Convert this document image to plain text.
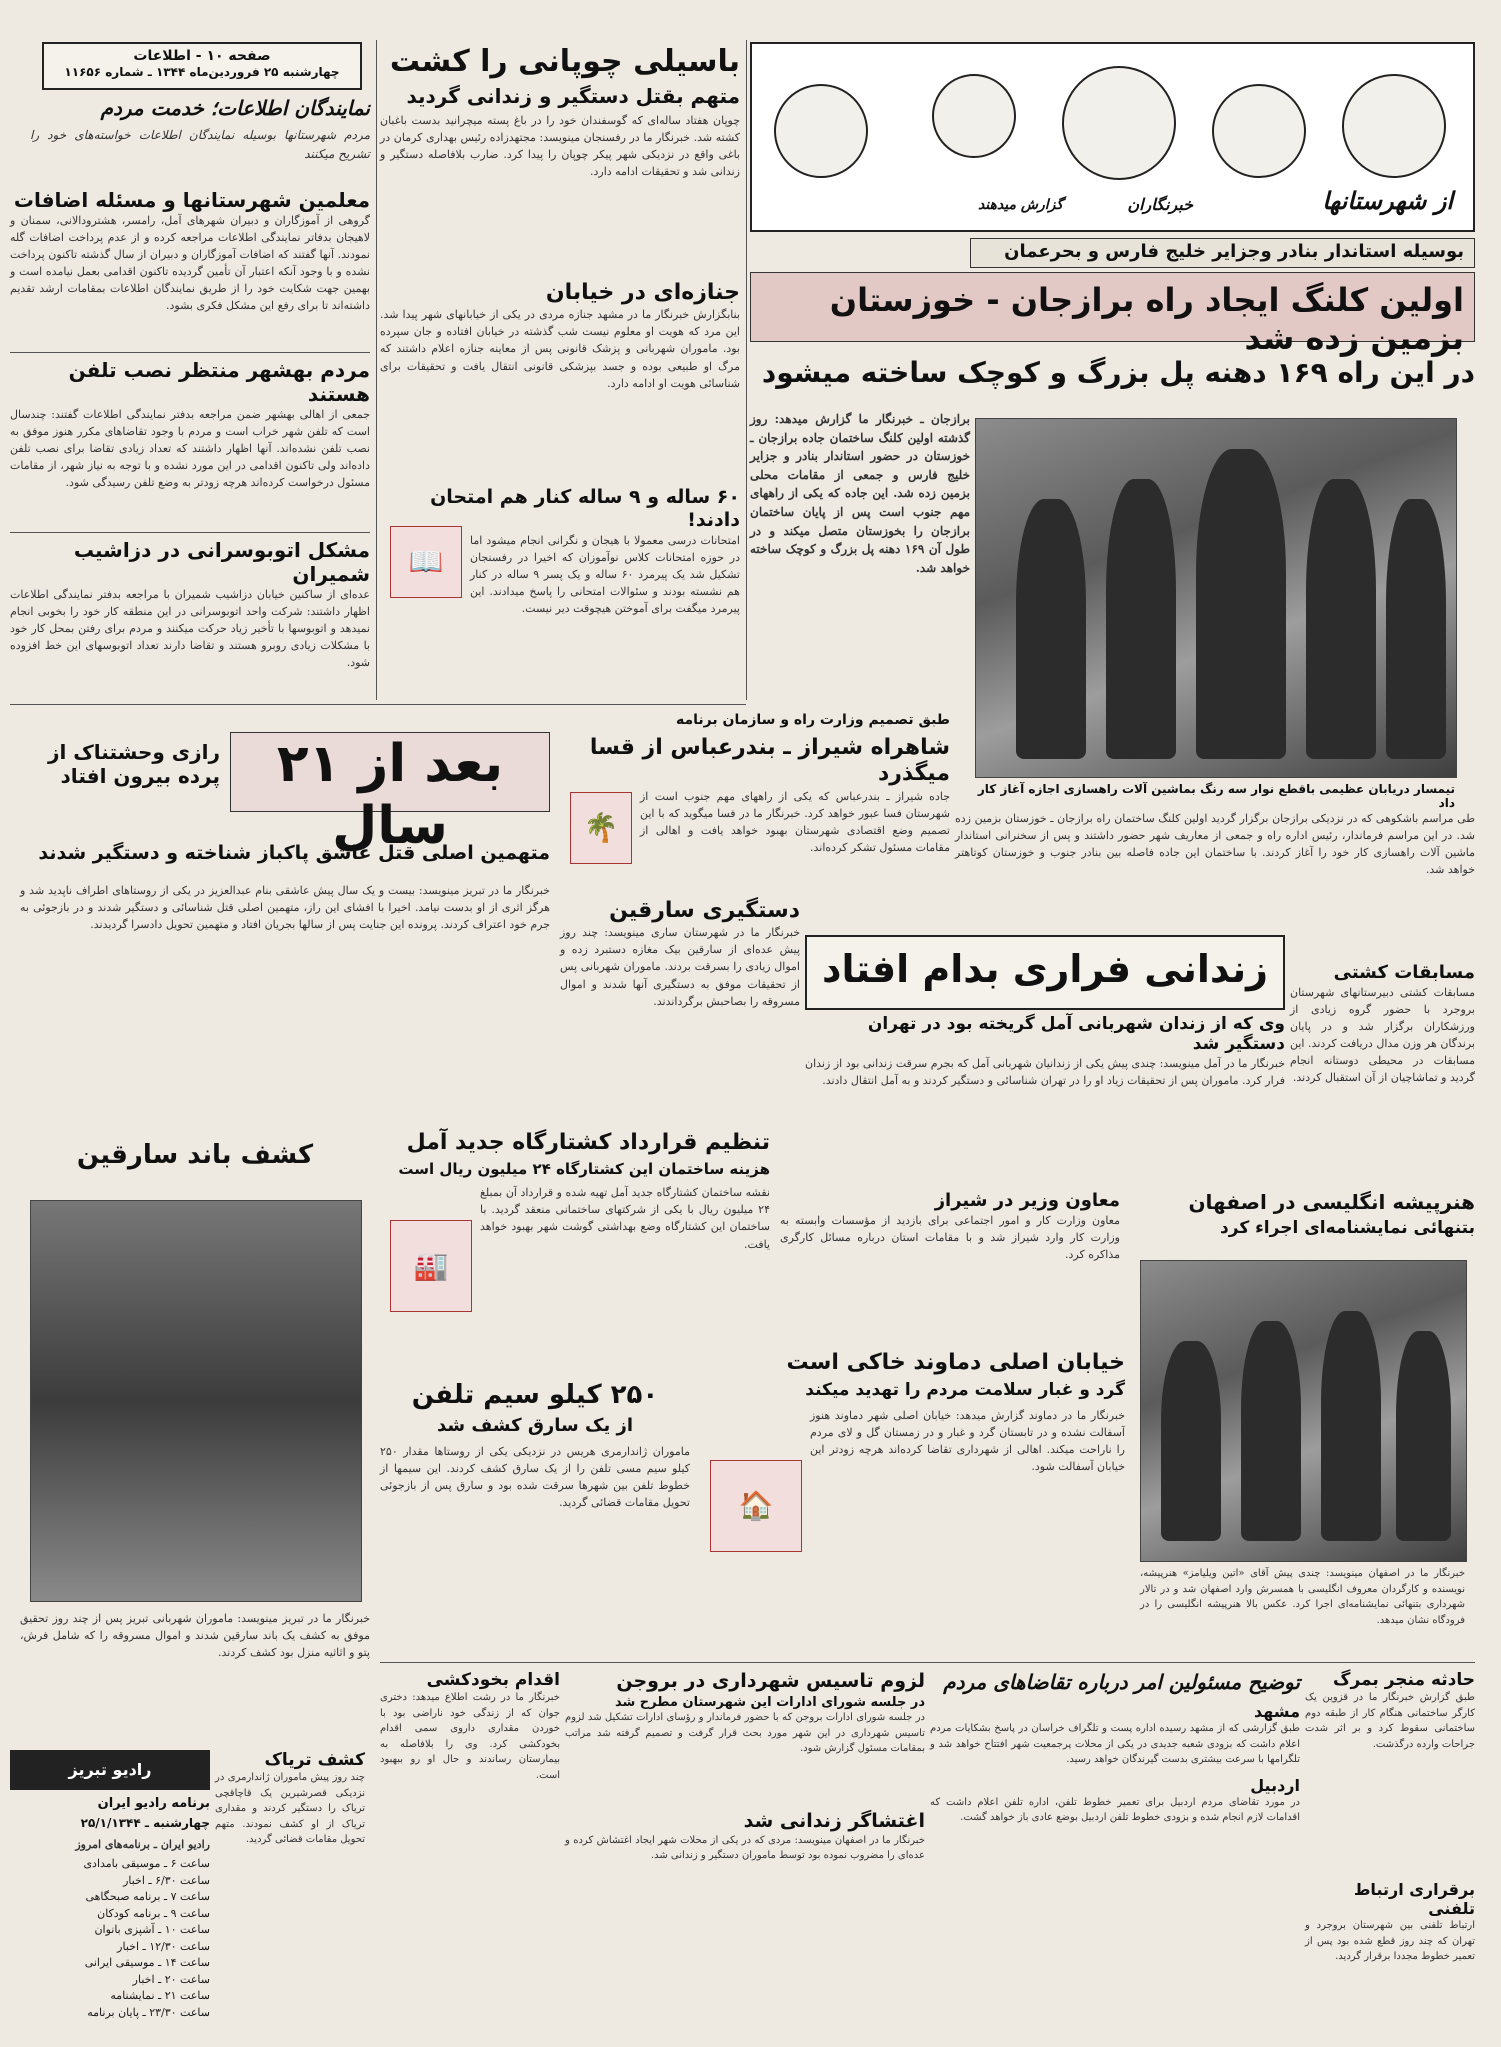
صفحه ۱۰ - اطلاعات
چهارشنبه ۲۵ فروردین‌ماه ۱۳۴۴ ـ شماره ۱۱۶۵۶
نمایندگان اطلاعات؛ خدمت مردم
مردم شهرستانها بوسیله نمایندگان اطلاعات خواسته‌های خود را تشریح میکنند
معلمین شهرستانها و مسئله اضافات
گروهی از آموزگاران و دبیران شهرهای آمل، رامسر، هشترودالانی، سمنان و لاهیجان بدفاتر نمایندگی اطلاعات مراجعه کرده و از عدم پرداخت اضافات گله نمودند. آنها گفتند که اضافات آموزگاران و دبیران از سال گذشته تاکنون پرداخت نشده و با وجود آنکه اعتبار آن تأمین گردیده تاکنون اقدامی بعمل نیامده است و بهمین جهت شکایت خود را از طریق نمایندگان اطلاعات بمقامات ارشد تقدیم داشته‌اند تا برای رفع این مشکل فکری بشود.
مردم بهشهر منتظر نصب تلفن هستند
جمعی از اهالی بهشهر ضمن مراجعه بدفتر نمایندگی اطلاعات گفتند: چندسال است که تلفن شهر خراب است و مردم با وجود تقاضاهای مکرر هنوز موفق به نصب تلفن نشده‌اند. آنها اظهار داشتند که تعداد زیادی تقاضا برای نصب تلفن داده‌اند ولی تاکنون اقدامی در این مورد نشده و با توجه به نیاز شهر، از مقامات مسئول درخواست کرده‌اند هرچه زودتر به وضع تلفن رسیدگی شود.
مشکل اتوبوسرانی در دزاشیب شمیران
عده‌ای از ساکنین خیابان دزاشیب شمیران با مراجعه بدفتر نمایندگی اطلاعات اظهار داشتند: شرکت واحد اتوبوسرانی در این منطقه کار خود را بخوبی انجام نمیدهد و اتوبوسها با تأخیر زیاد حرکت میکنند و مردم برای رفتن بمحل کار خود با مشکلات زیادی روبرو هستند و تقاضا دارند تعداد اتوبوسهای این خط افزوده شود.
باسیلی چوپانی را کشت
متهم بقتل دستگیر و زندانی گردید
چوپان هفتاد ساله‌ای که گوسفندان خود را در باغ پسته میچرانید بدست باغبان کشته شد. خبرنگار ما در رفسنجان مینویسد: مجتهدزاده رئیس بهداری کرمان در باغی واقع در نزدیکی شهر پیکر چوپان را پیدا کرد. ضارب بلافاصله دستگیر و زندانی شد و تحقیقات ادامه دارد.
جنازه‌ای در خیابان
بنابگزارش خبرنگار ما در مشهد جنازه مردی در یکی از خیابانهای شهر پیدا شد. این مرد که هویت او معلوم نیست شب گذشته در خیابان افتاده و جان سپرده بود. ماموران شهربانی و پزشک قانونی پس از معاینه جنازه اعلام داشتند که مرگ او طبیعی بوده و جسد بپزشکی قانونی انتقال یافت و تحقیقات برای شناسائی هویت او ادامه دارد.
۶۰ ساله و ۹ ساله کنار هم امتحان دادند!
📖
امتحانات درسی معمولا با هیجان و نگرانی انجام میشود اما در حوزه امتحانات کلاس نوآموزان که اخیرا در رفسنجان تشکیل شد یک پیرمرد ۶۰ ساله و یک پسر ۹ ساله در کنار هم نشسته بودند و سئوالات امتحانی را پاسخ میدادند. این پیرمرد میگفت برای آموختن هیچوقت دیر نیست.
از شهرستانها
خبرنگاران
گزارش میدهند
بوسیله استاندار بنادر وجزایر خلیج فارس و بحرعمان
اولین کلنگ ایجاد راه برازجان - خوزستان بزمین زده شد
در این راه ۱۶۹ دهنه پل بزرگ و کوچک ساخته میشود
برازجان ـ خبرنگار ما گزارش میدهد: روز گذشته اولین کلنگ ساختمان جاده برازجان ـ خوزستان در حضور استاندار بنادر و جزایر خلیج فارس و جمعی از مقامات محلی بزمین زده شد. این جاده که یکی از راههای مهم جنوب است پس از پایان ساختمان برازجان را بخوزستان متصل میکند و در طول آن ۱۶۹ دهنه پل بزرگ و کوچک ساخته خواهد شد.
تیمسار دریابان عظیمی باقطع نوار سه رنگ بماشین آلات راهسازی اجازه آغاز کار داد
رازی وحشتناک از پرده بیرون افتاد	بعد از ۲۱ سال
متهمین اصلی قتل عاشق پاکباز شناخته و دستگیر شدند
خبرنگار ما در تبریز مینویسد: بیست و یک سال پیش عاشقی بنام عبدالعزیز در یکی از روستاهای اطراف ناپدید شد و هرگز اثری از او بدست نیامد. اخیرا با افشای این راز، متهمین اصلی قتل شناسائی و دستگیر شدند و در بازجوئی به جرم خود اعتراف کردند. پرونده این جنایت پس از سالها بجریان افتاد و متهمین تحویل دادسرا گردیدند.
طبق تصمیم وزارت راه و سازمان برنامه
شاهراه شیراز ـ بندرعباس از قسا میگذرد
🌴
جاده شیراز ـ بندرعباس که یکی از راههای مهم جنوب است از شهرستان فسا عبور خواهد کرد. خبرنگار ما در فسا میگوید که با این تصمیم وضع اقتصادی شهرستان بهبود خواهد یافت و اهالی از مقامات مسئول تشکر کرده‌اند.
دستگیری سارقین
خبرنگار ما در شهرستان ساری مینویسد: چند روز پیش عده‌ای از سارقین بیک مغازه دستبرد زده و اموال زیادی را بسرقت بردند. ماموران شهربانی پس از تحقیقات موفق به دستگیری آنها شدند و اموال مسروقه را بصاحبش برگرداندند.
طی مراسم باشکوهی که در نزدیکی برازجان برگزار گردید اولین کلنگ ساختمان راه برازجان ـ خوزستان بزمین زده شد. در این مراسم فرماندار، رئیس اداره راه و جمعی از معاریف شهر حضور داشتند و پس از سخنرانی استاندار ماشین آلات راهسازی کار خود را آغاز کردند. با ساختمان این جاده فاصله بین بنادر جنوب و خوزستان کوتاهتر خواهد شد.
مسابقات کشتی
مسابقات کشتی دبیرستانهای شهرستان بروجرد با حضور گروه زیادی از ورزشکاران برگزار شد و در پایان برندگان هر وزن مدال دریافت کردند. این مسابقات در محیطی دوستانه انجام گردید و تماشاچیان از آن استقبال کردند.
زندانی فراری بدام افتاد
وی که از زندان شهربانی آمل گریخته بود در تهران دستگیر شد
خبرنگار ما در آمل مینویسد: چندی پیش یکی از زندانیان شهربانی آمل که بجرم سرقت زندانی بود از زندان فرار کرد. ماموران پس از تحقیقات زیاد او را در تهران شناسائی و دستگیر کردند و به آمل انتقال دادند.
کشف باند سارقین
خبرنگار ما در تبریز مینویسد: ماموران شهربانی تبریز پس از چند روز تحقیق موفق به کشف یک باند سارقین شدند و اموال مسروقه را که شامل فرش، پتو و اثاثیه منزل بود کشف کردند.
تنظیم قرارداد کشتارگاه جدید آمل
هزینه ساختمان این کشتارگاه ۲۴ میلیون ریال است
🏭
نقشه ساختمان کشتارگاه جدید آمل تهیه شده و قرارداد آن بمبلغ ۲۴ میلیون ریال با یکی از شرکتهای ساختمانی منعقد گردید. با ساختمان این کشتارگاه وضع بهداشتی گوشت شهر بهبود خواهد یافت.
هنرپیشه انگلیسی در اصفهان
بتنهائی نمایشنامه‌ای اجراء کرد
خبرنگار ما در اصفهان مینویسد: چندی پیش آقای «اتین ویلیامز» هنرپیشه، نویسنده و کارگردان معروف انگلیسی با همسرش وارد اصفهان شد و در تالار شهرداری بتنهائی نمایشنامه‌ای اجرا کرد. عکس بالا هنرپیشه انگلیسی را در فرودگاه نشان میدهد.
معاون وزیر در شیراز
معاون وزارت کار و امور اجتماعی برای بازدید از مؤسسات وابسته به وزارت کار وارد شیراز شد و با مقامات استان درباره مسائل کارگری مذاکره کرد.
خیابان اصلی دماوند خاکی است
گرد و غبار سلامت مردم را تهدید میکند
🏠
خبرنگار ما در دماوند گزارش میدهد: خیابان اصلی شهر دماوند هنوز آسفالت نشده و در تابستان گرد و غبار و در زمستان گل و لای مردم را ناراحت میکند. اهالی از شهرداری تقاضا کرده‌اند هرچه زودتر این خیابان آسفالت شود.
۲۵۰ کیلو سیم تلفن
از یک سارق کشف شد
ماموران ژاندارمری هریس در نزدیکی یکی از روستاها مقدار ۲۵۰ کیلو سیم مسی تلفن را از یک سارق کشف کردند. این سیمها از خطوط تلفن بین شهرها سرقت شده بود و سارق پس از بازجوئی تحویل مقامات قضائی گردید.
رادیو تبریز
برنامه رادیو ایران
چهارشنبه ـ ۲۵/۱/۱۳۴۴
رادیو ایران ـ برنامه‌های امروز
ساعت ۶ ـ موسیقی بامدادی
ساعت ۶/۳۰ ـ اخبار
ساعت ۷ ـ برنامه صبحگاهی
ساعت ۹ ـ برنامه کودکان
ساعت ۱۰ ـ آشپزی بانوان
ساعت ۱۲/۳۰ ـ اخبار
ساعت ۱۴ ـ موسیقی ایرانی
ساعت ۲۰ ـ اخبار
ساعت ۲۱ ـ نمایشنامه
ساعت ۲۳/۳۰ ـ پایان برنامه
کشف تریاک
چند روز پیش ماموران ژاندارمری در نزدیکی قصرشیرین یک قاچاقچی تریاک را دستگیر کردند و مقداری تریاک از او کشف نمودند. متهم تحویل مقامات قضائی گردید.
اقدام بخودکشی
خبرنگار ما در رشت اطلاع میدهد: دختری جوان که از زندگی خود ناراضی بود با خوردن مقداری داروی سمی اقدام بخودکشی کرد. وی را بلافاصله به بیمارستان رساندند و حال او رو ببهبود است.
لزوم تاسیس شهرداری در بروجن
در جلسه شورای ادارات این شهرستان مطرح شد
در جلسه شورای ادارات بروجن که با حضور فرماندار و رؤسای ادارات تشکیل شد لزوم تاسیس شهرداری در این شهر مورد بحث قرار گرفت و تصمیم گرفته شد مراتب بمقامات مسئول گزارش شود.
اغتشاگر زندانی شد
خبرنگار ما در اصفهان مینویسد: مردی که در یکی از محلات شهر ایجاد اغتشاش کرده و عده‌ای را مضروب نموده بود توسط ماموران دستگیر و زندانی شد.
توضیح مسئولین امر درباره تقاضاهای مردم
مشهد
طبق گزارشی که از مشهد رسیده اداره پست و تلگراف خراسان در پاسخ بشکایات مردم اعلام داشت که بزودی شعبه جدیدی در یکی از محلات پرجمعیت شهر افتتاح خواهد شد و تلگرامها با سرعت بیشتری بدست گیرندگان خواهد رسید.
اردبیل
در مورد تقاضای مردم اردبیل برای تعمیر خطوط تلفن، اداره تلفن اعلام داشت که اقدامات لازم انجام شده و بزودی خطوط تلفن اردبیل بوضع عادی باز خواهد گشت.
حادثه منجر بمرگ
طبق گزارش خبرنگار ما در قزوین یک کارگر ساختمانی هنگام کار از طبقه دوم ساختمانی سقوط کرد و بر اثر شدت جراحات وارده درگذشت.
برقراری ارتباط تلفنی
ارتباط تلفنی بین شهرستان بروجرد و تهران که چند روز قطع شده بود پس از تعمیر خطوط مجددا برقرار گردید.
